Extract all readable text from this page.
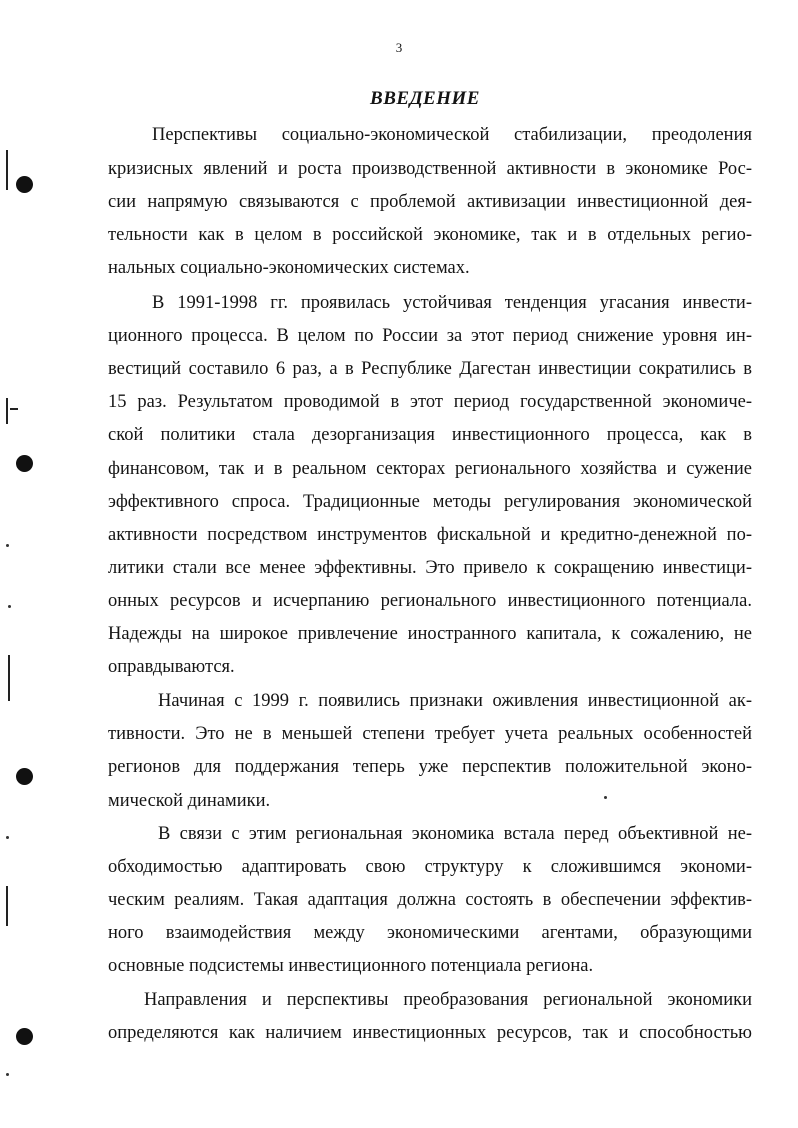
3
ВВЕДЕНИЕ
Перспективы социально-экономической стабилизации, преодоления
кризисных явлений и роста производственной активности в экономике Рос-
сии напрямую связываются с проблемой активизации инвестиционной дея-
тельности как в целом в российской экономике, так и в отдельных регио-
нальных социально-экономических системах.
В 1991-1998 гг. проявилась устойчивая тенденция угасания инвести-
ционного процесса. В целом по России за этот период снижение уровня ин-
вестиций составило 6 раз, а в Республике Дагестан инвестиции сократились в
15 раз. Результатом проводимой в этот период государственной экономиче-
ской политики стала дезорганизация инвестиционного процесса, как в
финансовом, так и в реальном секторах регионального хозяйства и сужение
эффективного спроса. Традиционные методы регулирования экономической
активности посредством инструментов фискальной и кредитно-денежной по-
литики стали все менее эффективны. Это привело к сокращению инвестици-
онных ресурсов и исчерпанию регионального инвестиционного потенциала.
Надежды на широкое привлечение иностранного капитала, к сожалению, не
оправдываются.
Начиная с 1999 г. появились признаки оживления инвестиционной ак-
тивности. Это не в меньшей степени требует учета реальных особенностей
регионов для поддержания теперь уже перспектив положительной эконо-
мической динамики.
В связи с этим региональная экономика встала перед объективной не-
обходимостью адаптировать свою структуру к сложившимся экономи-
ческим реалиям. Такая адаптация должна состоять в обеспечении эффектив-
ного взаимодействия между экономическими агентами, образующими
основные подсистемы инвестиционного потенциала региона.
Направления и перспективы преобразования региональной экономики
определяются как наличием инвестиционных ресурсов, так и способностью
